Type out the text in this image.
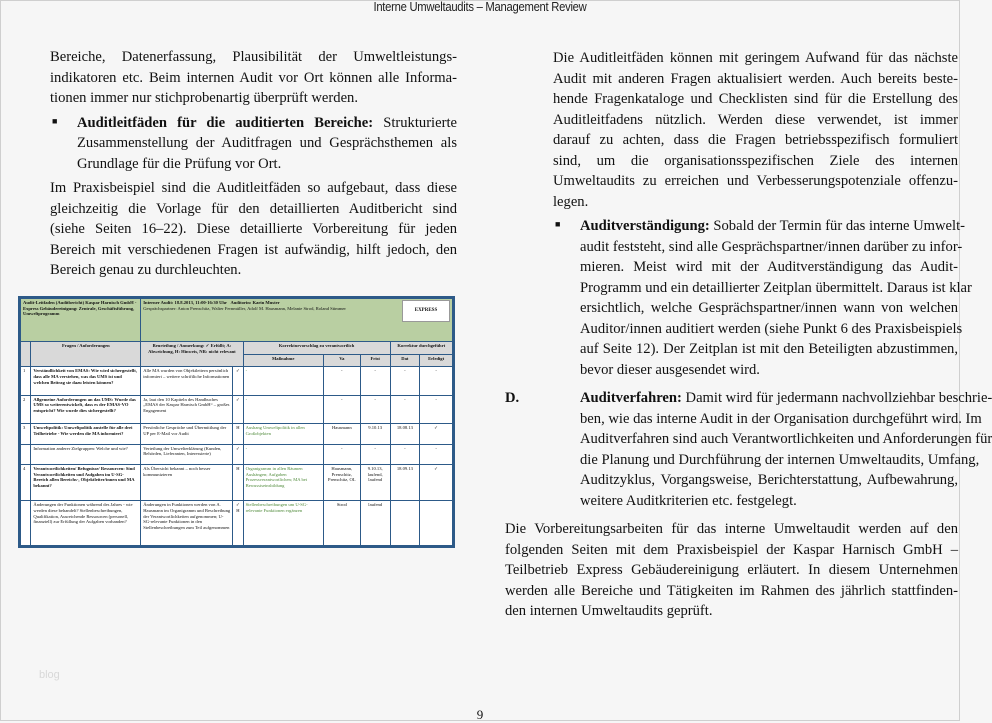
Interne Umweltaudits – Management Review
Bereiche, Datenerfassung, Plausibilität der Umweltleistungs-
indikatoren etc. Beim internen Audit vor Ort können alle Informa-
tionen immer nur stichprobenartig überprüft werden.
■ Auditleitfäden für die auditierten Bereiche: Strukturierte
Zusammenstellung der Auditfragen und Gesprächsthemen als
Grundlage für die Prüfung vor Ort.
Im Praxisbeispiel sind die Auditleitfäden so aufgebaut, dass diese
gleichzeitig die Vorlage für den detaillierten Auditbericht sind
(siehe Seiten 16–22). Diese detaillierte Vorbereitung für jeden
Bereich mit verschiedenen Fragen ist aufwändig, hilft jedoch, den
Bereich genau zu durchleuchten.
Die Auditleitfäden können mit geringem Aufwand für das nächste
Audit mit anderen Fragen aktualisiert werden. Auch bereits beste-
hende Fragenkataloge und Checklisten sind für die Erstellung des
Auditleitfadens nützlich. Werden diese verwendet, ist immer
darauf zu achten, dass die Fragen betriebsspezifisch formuliert
sind, um die organisationsspezifischen Ziele des internen
Umweltaudits zu erreichen und Verbesserungspotenziale offenzu-
legen.
■ Auditverständigung: Sobald der Termin für das interne Umwelt-
audit feststeht, sind alle Gesprächspartner/innen darüber zu infor-
mieren. Meist wird mit der Auditverständigung das Audit-
Programm und ein detaillierter Zeitplan übermittelt. Daraus ist klar
ersichtlich, welche Gesprächspartner/innen wann von welchen
Auditor/innen auditiert werden (siehe Punkt 6 des Praxisbeispiels
auf Seite 12). Der Zeitplan ist mit den Beteiligten abzustimmen,
bevor dieser ausgesendet wird.
D.	Auditverfahren: Damit wird für jedermann nachvollziehbar beschrie-
ben, wie das interne Audit in der Organisation durchgeführt wird. Im
Auditverfahren sind auch Verantwortlichkeiten und Anforderungen für
die Planung und Durchführung der internen Umweltaudits, Umfang,
Auditzyklus, Vorgangsweise, Berichterstattung, Aufbewahrung,
weitere Auditkriterien etc. festgelegt.
Die Vorbereitungsarbeiten für das interne Umweltaudit werden auf den
folgenden Seiten mit dem Praxisbeispiel der Kaspar Harnisch GmbH –
Teilbetrieb Express Gebäudereinigung erläutert. In diesem Unternehmen
werden alle Bereiche und Tätigkeiten im Rahmen des jährlich stattfinden-
den internen Umweltaudits geprüft.
Audit-Leitfaden (Auditbericht) Kaspar Harnisch GmbH - Express Gebäudereinigung: Zentrale, Geschäftsführung, Umweltprogramm		EXPRESS
Interner Audit: 18.8.2013, 11:00-16:30 Uhr Auditorin: Karin Muster
Gesprächspartner: Anton Prenschitz, Walter Fernmüller, Adolf M. Hausmann, Melanie Strod, Roland Stimmer						
	Fragen / Anforderungen	Beurteilung / Anmerkung: ✓ Erfüllt; A: Abweichung, H: Hinweis, NR: nicht relevant		Korrekturvorschlag zu verantwortlich			Korrektur durchgeführt	
				Maßnahme	Va	Frist	Dat	Erledigt
1	Verständlichkeit von EMAS: Wie wird sichergestellt, dass alle MA verstehen, was das UMS ist und welchen Beitrag sie dazu leisten können?	Alle MA wurden von Objektleitern persönlich informiert – weitere schriftliche Informationen	✓	-	-	-	-	-
2	Allgemeine Anforderungen an das UMS: Wurde das UMS so weiterentwickelt, dass es der EMAS-VO entspricht? Wie wurde dies sichergestellt?	Ja, laut den 10 Kapiteln des Handbuches „EMAS der Kaspar Harnisch GmbH“ – großes Engagement	✓	-	-	-	-	-
3	Umweltpolitik: Umweltpolitik anstelle für alle drei Teilbetriebe - Wie werden die MA informiert?	Persönliche Gespräche und Übermittlung der UP per E-Mail vor Audit	H	Aushang Umweltpolitik in allen Großobjekten	Hausmann	9.10.13	18.08.13	✓
	Information anderer Zielgruppen: Welche und wie?	Verteilung der Umwelterklärung (Kunden, Behörden, Lieferanten, Interessierte)	✓	-	-	-	-	-
4	Verantwortlichkeiten/ Befugnisse/ Ressourcen: Sind Verantwortlichkeiten und Aufgaben im U-SG-Bereich allen Bereichs-, Objektleiter/innen und MA bekannt?	Als Übersicht bekannt – noch besser kommunizieren	H	Organigramm in allen Räumen Aushängen; Aufgaben Prozessverantwortlichen; MA bei Bewusstseinsbildung	Hausmann, Prenschitz, Prenschitz, OL	9.10.13, laufend, laufend	18.09.13	✓
	Änderungen der Funktionen während des Jahres - wie werden diese behandelt? Stellenbeschreibungen, Qualifikation, Ausreichende Ressourcen (personell, finanziell) zur Erfüllung der Aufgaben vorhanden?	Änderungen in Funktionen werden von A. Hausmann im Organigramm und Beschreibung der Verantwortlichkeiten aufgenommen; U-SG-relevante Funktionen in den Stellenbeschreibungen zum Teil aufgenommen	✓ H	Stellenbeschreibungen um U-SG-relevante Funktionen ergänzen	Strod	laufend		
blog
9
